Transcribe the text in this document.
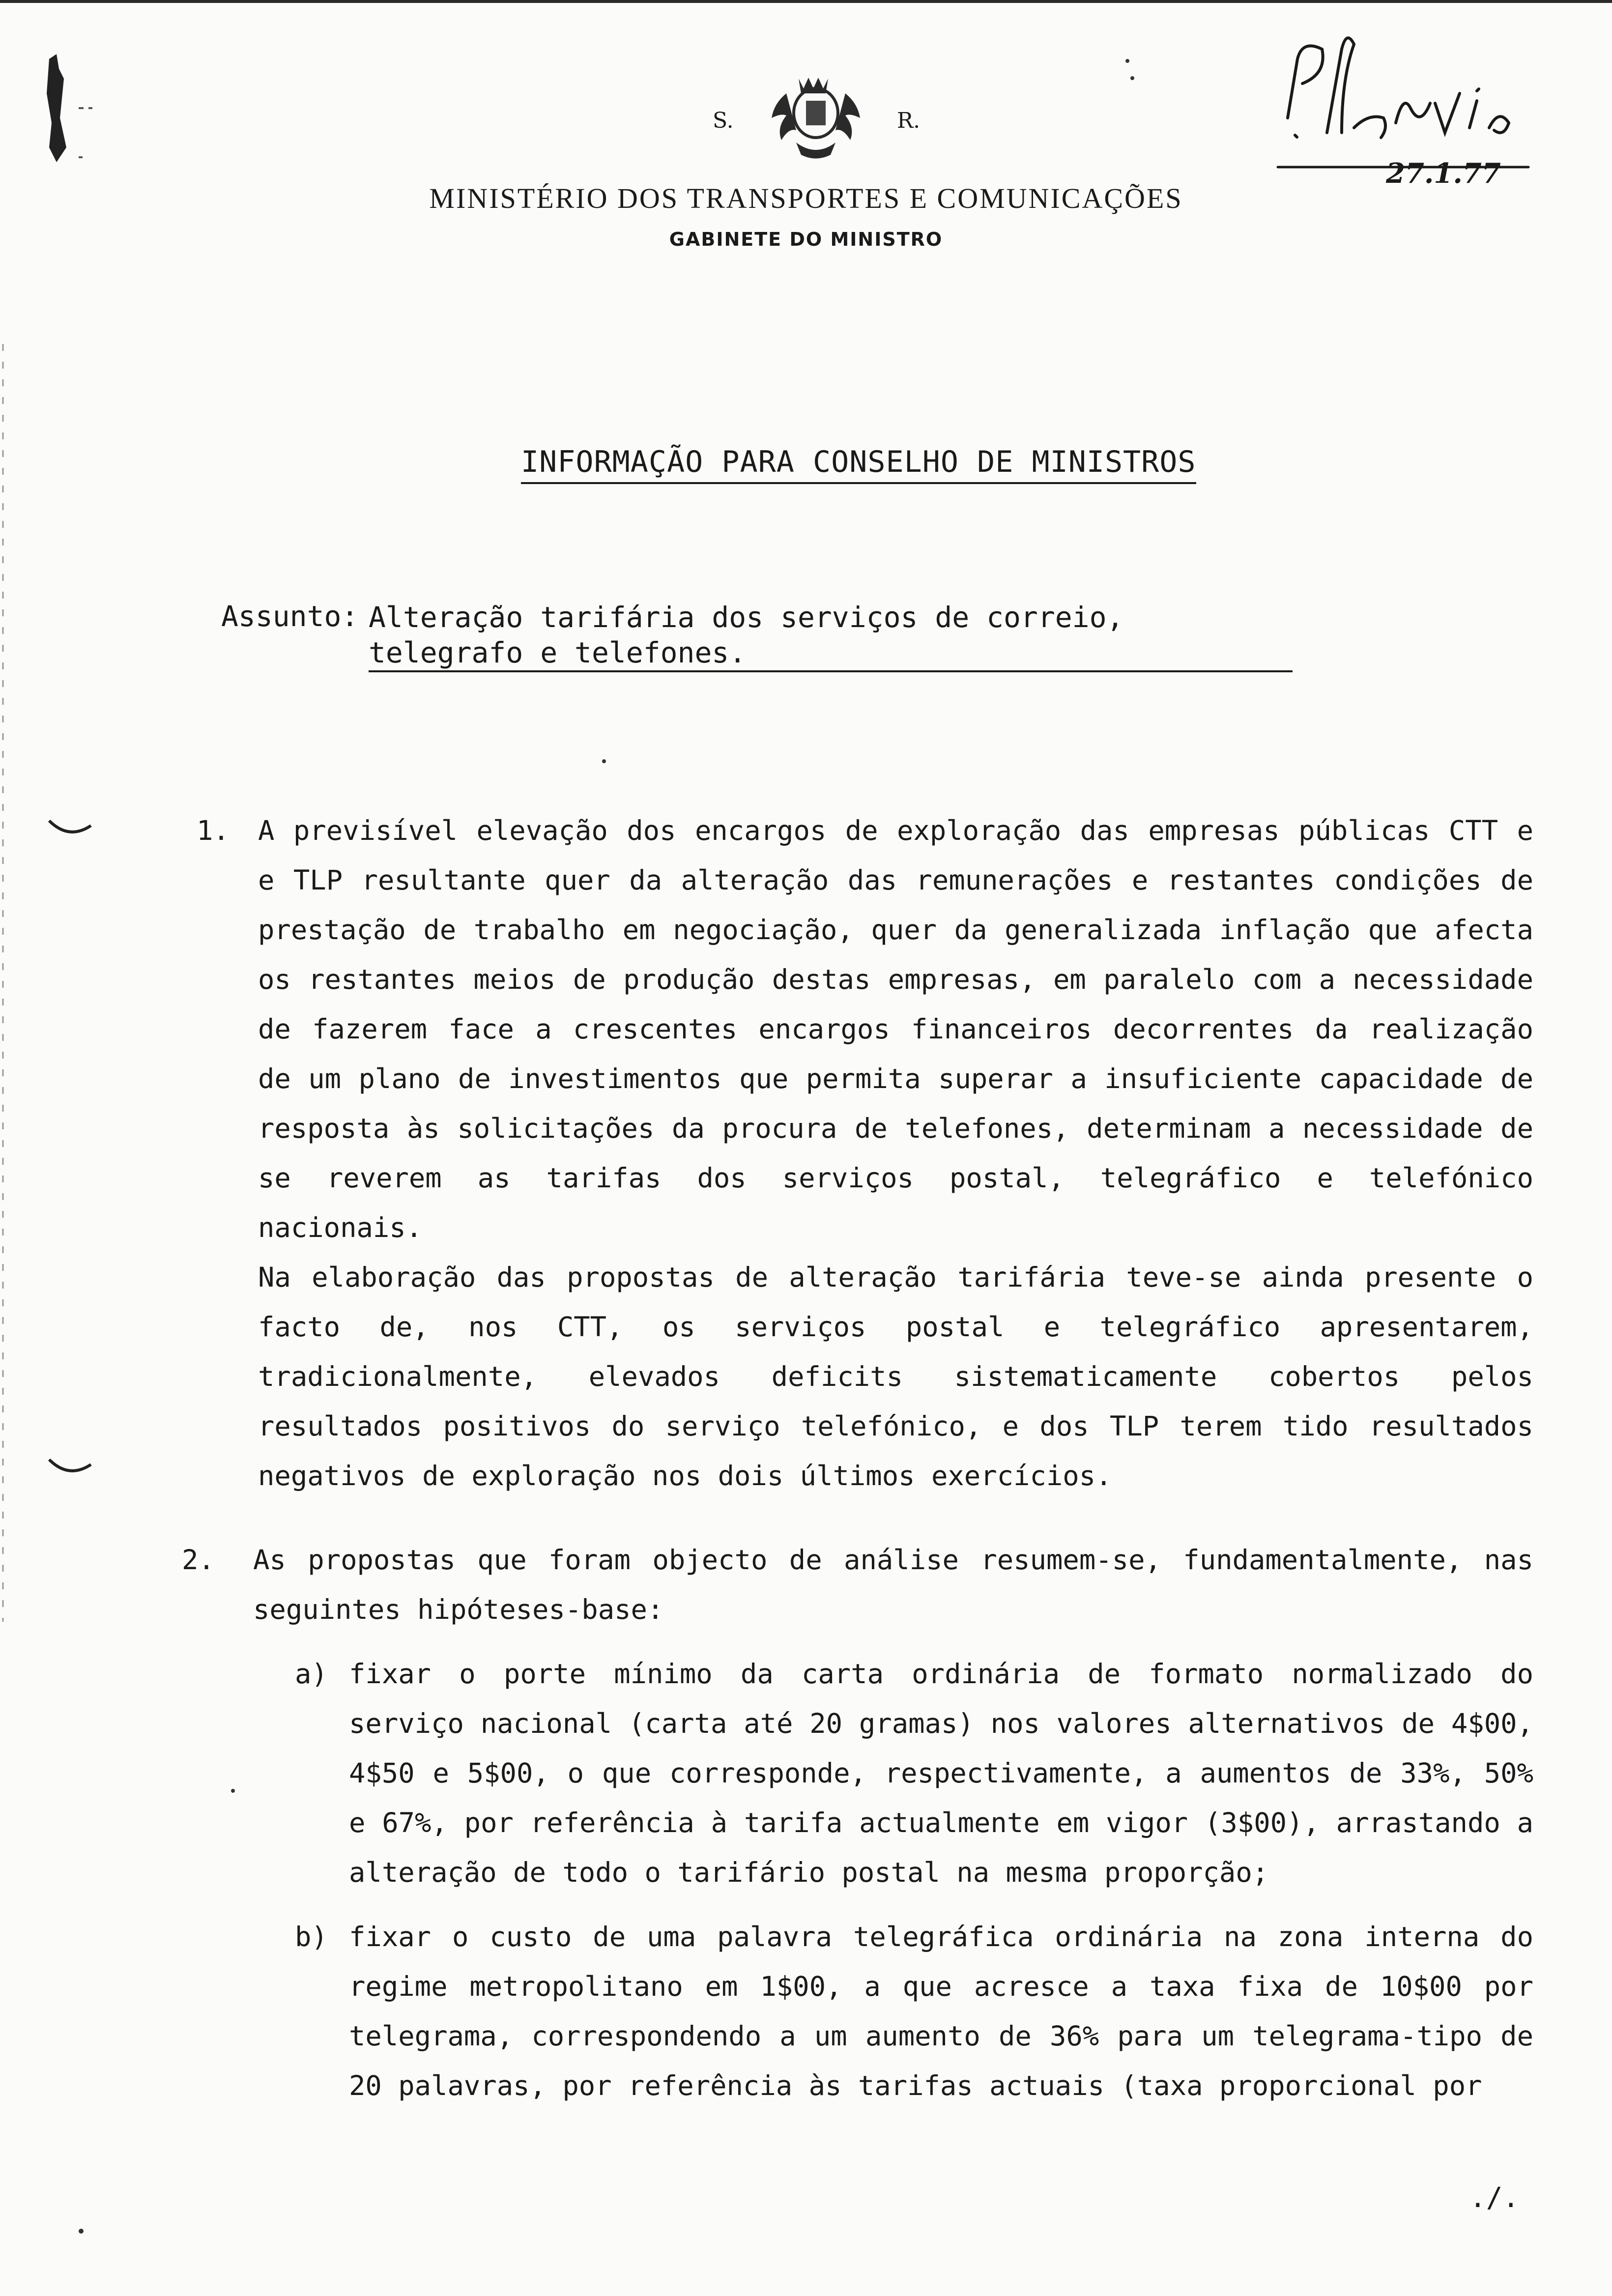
S.	R.
MINISTÉRIO DOS TRANSPORTES E COMUNICAÇÕES
GABINETE DO MINISTRO
27.1.77
INFORMAÇÃO PARA CONSELHO DE MINISTROS
Assunto: Alteração tarifária dos serviços de correio, telegrafo e telefones.
1. A previsível elevação dos encargos de exploração das empresas públicas CTT e e TLP resultante quer da alteração das remunerações e restantes condições de prestação de trabalho em negociação, quer da generalizada inflação que afecta os restantes meios de produção destas empresas, em paralelo com a necessidade de fazerem face a crescentes encargos financeiros decorrentes da realização de um plano de investimentos que permita superar a insuficiente capacidade de resposta às solicitações da procura de telefones, determinam a necessidade de se reverem as tarifas dos serviços postal, telegráfico e telefónico nacionais.
Na elaboração das propostas de alteração tarifária teve-se ainda presente o facto de, nos CTT, os serviços postal e telegráfico apresentarem, tradicionalmente, elevados deficits sistematicamente cobertos pelos resultados positivos do serviço telefónico, e dos TLP terem tido resultados negativos de exploração nos dois últimos exercícios.
2. As propostas que foram objecto de análise resumem-se, fundamentalmente, nas seguintes hipóteses-base:
a) fixar o porte mínimo da carta ordinária de formato normalizado do serviço nacional (carta até 20 gramas) nos valores alternativos de 4$00, 4$50 e 5$00, o que corresponde, respectivamente, a aumentos de 33%, 50% e 67%, por referência à tarifa actualmente em vigor (3$00), arrastando a alteração de todo o tarifário postal na mesma proporção;
b) fixar o custo de uma palavra telegráfica ordinária na zona interna do regime metropolitano em 1$00, a que acresce a taxa fixa de 10$00 por telegrama, correspondendo a um aumento de 36% para um telegrama-tipo de 20 palavras, por referência às tarifas actuais (taxa proporcional por
./.
